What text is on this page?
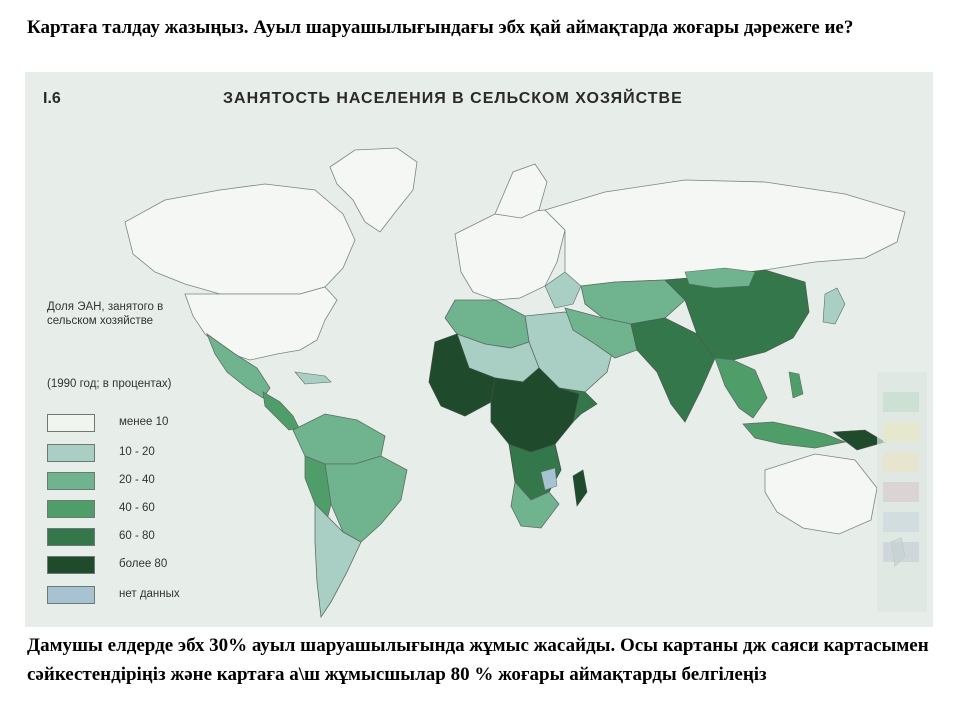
Картаға талдау жазыңыз. Ауыл шаруашылығындағы эбх қай аймақтарда жоғары дәрежеге ие?

I.6	ЗАНЯТОСТЬ НАСЕЛЕНИЯ В СЕЛЬСКОМ ХОЗЯЙСТВЕ
Доля ЭАН, занятого в сельском хозяйстве
(1990 год; в процентах)
менее 10
10 - 20
20 - 40
40 - 60
60 - 80
более 80
нет данных

Дамушы елдерде эбх 30% ауыл шаруашылығында жұмыс жасайды. Осы картаны дж саяси картасымен сәйкестендіріңіз және картаға а\ш жұмысшылар 80 % жоғары аймақтарды белгілеңіз
